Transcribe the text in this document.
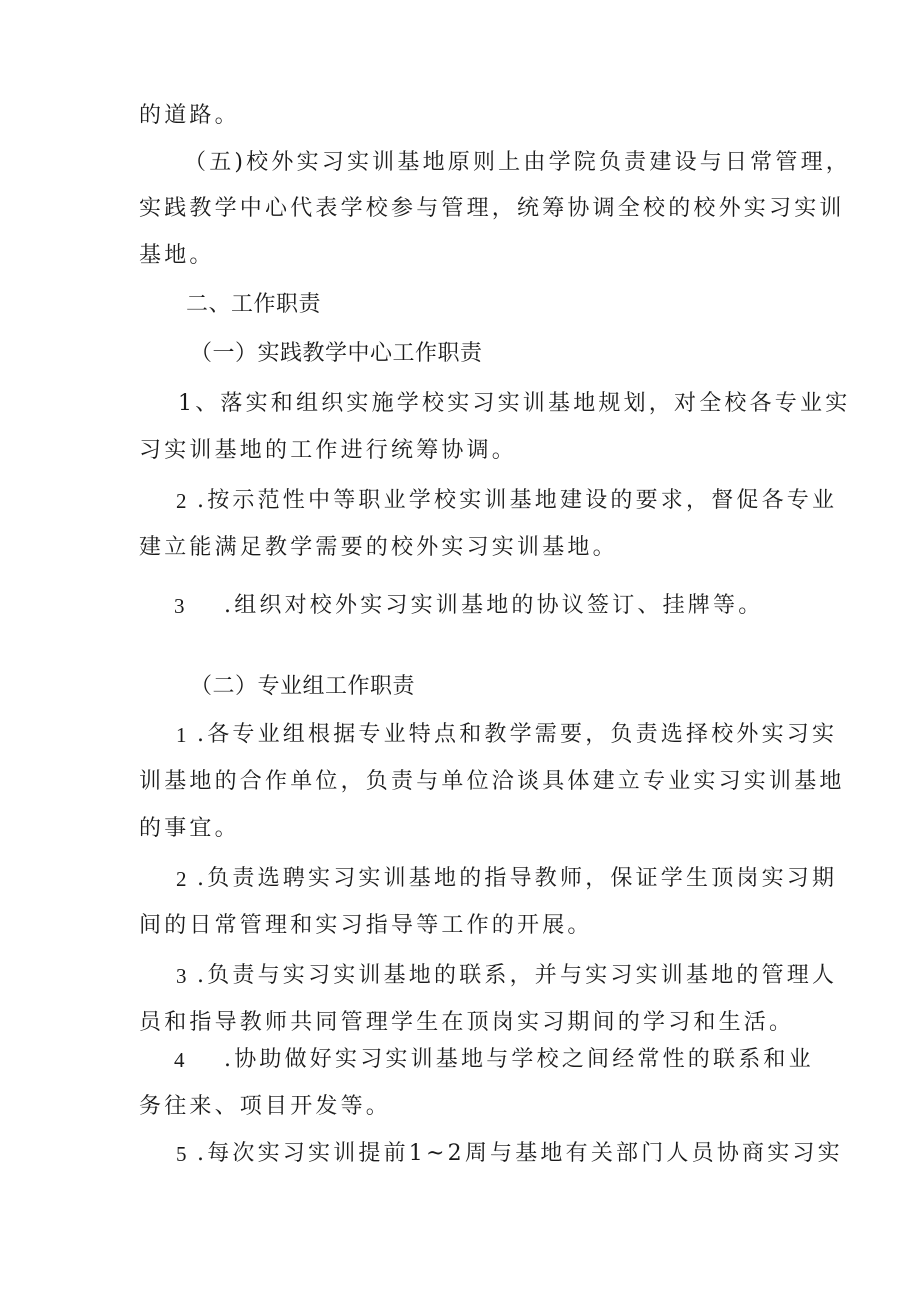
的道路。

（五)校外实习实训基地原则上由学院负责建设与日常管理，

实践教学中心代表学校参与管理，统筹协调全校的校外实习实训

基地。

二、工作职责

（一）实践教学中心工作职责

1、落实和组织实施学校实习实训基地规划，对全校各专业实

习实训基地的工作进行统筹协调。

2 .按示范性中等职业学校实训基地建设的要求，督促各专业

建立能满足教学需要的校外实习实训基地。

3 .组织对校外实习实训基地的协议签订、挂牌等。

（二）专业组工作职责

1 .各专业组根据专业特点和教学需要，负责选择校外实习实

训基地的合作单位，负责与单位洽谈具体建立专业实习实训基地

的事宜。

2 .负责选聘实习实训基地的指导教师，保证学生顶岗实习期

间的日常管理和实习指导等工作的开展。

3 .负责与实习实训基地的联系，并与实习实训基地的管理人

员和指导教师共同管理学生在顶岗实习期间的学习和生活。

4 .协助做好实习实训基地与学校之间经常性的联系和业

务往来、项目开发等。

5 .每次实习实训提前1~2周与基地有关部门人员协商实习实
